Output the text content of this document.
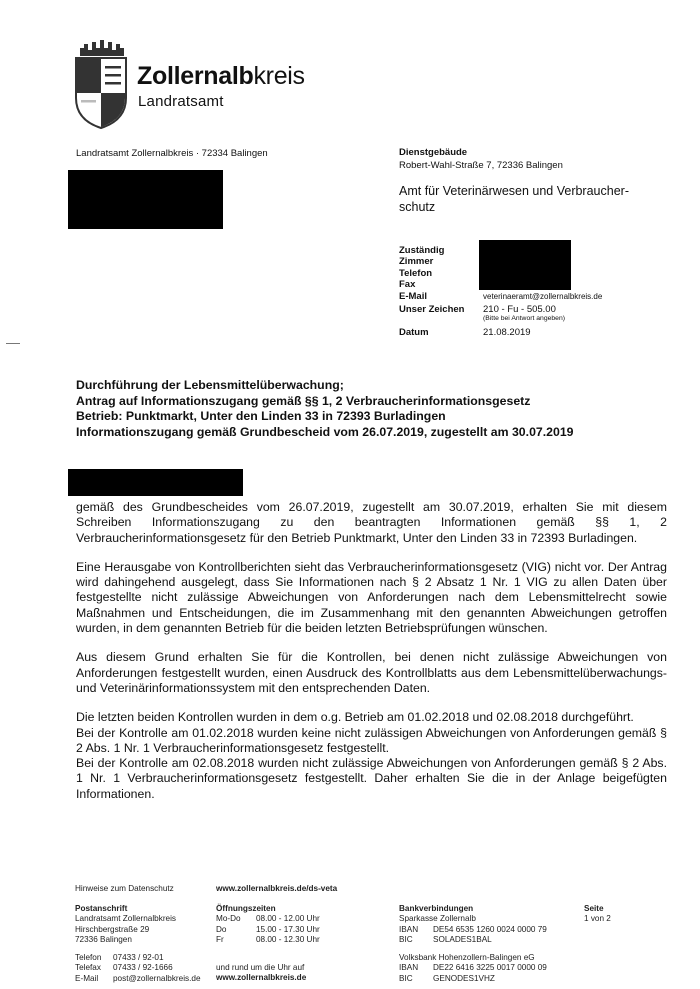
Zollernalbkreis
Landratsamt
Landratsamt Zollernalbkreis · 72334 Balingen	Dienstgebäude
Robert-Wahl-Straße 7, 72336 Balingen
Amt für Veterinärwesen und Verbraucher-
schutz
Zuständig
Zimmer
Telefon
Fax
E-Mail	veterinaeramt@zollernalbkreis.de
Unser Zeichen 210 - Fu - 505.00
(Bitte bei Antwort angeben)
Datum	21.08.2019
Durchführung der Lebensmittelüberwachung;
Antrag auf Informationszugang gemäß §§ 1, 2 Verbraucherinformationsgesetz
Betrieb: Punktmarkt, Unter den Linden 33 in 72393 Burladingen
Informationszugang gemäß Grundbescheid vom 26.07.2019, zugestellt am 30.07.2019

gemäß des Grundbescheides vom 26.07.2019, zugestellt am 30.07.2019, erhalten Sie mit diesem Schreiben Informationszugang zu den beantragten Informationen gemäß §§ 1, 2 Verbraucherinformationsgesetz für den Betrieb Punktmarkt, Unter den Linden 33 in 72393 Burladingen.

Eine Herausgabe von Kontrollberichten sieht das Verbraucherinformationsgesetz (VIG) nicht vor. Der Antrag wird dahingehend ausgelegt, dass Sie Informationen nach § 2 Absatz 1 Nr. 1 VIG zu allen Daten über festgestellte nicht zulässige Abweichungen von Anforderungen nach dem Lebensmittelrecht sowie Maßnahmen und Entscheidungen, die im Zusammenhang mit den genannten Abweichungen getroffen wurden, in dem genannten Betrieb für die beiden letzten Betriebsprüfungen wünschen.

Aus diesem Grund erhalten Sie für die Kontrollen, bei denen nicht zulässige Abweichungen von Anforderungen festgestellt wurden, einen Ausdruck des Kontrollblatts aus dem Lebensmittelüberwachungs- und Veterinärinformationssystem mit den entsprechenden Daten.

Die letzten beiden Kontrollen wurden in dem o.g. Betrieb am 01.02.2018 und 02.08.2018 durchgeführt.

Bei der Kontrolle am 01.02.2018 wurden keine nicht zulässigen Abweichungen von Anforderungen gemäß § 2 Abs. 1 Nr. 1 Verbraucherinformationsgesetz festgestellt.

Bei der Kontrolle am 02.08.2018 wurden nicht zulässige Abweichungen von Anforderungen gemäß § 2 Abs. 1 Nr. 1 Verbraucherinformationsgesetz festgestellt. Daher erhalten Sie die in der Anlage beigefügten Informationen.

Hinweise zum Datenschutz	www.zollernalbkreis.de/ds-veta
Postanschrift
Landratsamt Zollernalbkreis
Hirschbergstraße 29
72336 Balingen
Öffnungszeiten
Mo-Do 08.00 - 12.00 Uhr
Do	15.00 - 17.30 Uhr
Fr	08.00 - 12.30 Uhr
Bankverbindungen
Sparkasse Zollernalb
IBAN DE54 6535 1260 0024 0000 79
BIC SOLADES1BAL
Seite
1 von 2
Telefon 07433 / 92-01
Telefax 07433 / 92-1666
E-Mail post@zollernalbkreis.de
und rund um die Uhr auf
www.zollernalbkreis.de
Volksbank Hohenzollern-Balingen eG
IBAN DE22 6416 3225 0017 0000 09
BIC GENODES1VHZ
